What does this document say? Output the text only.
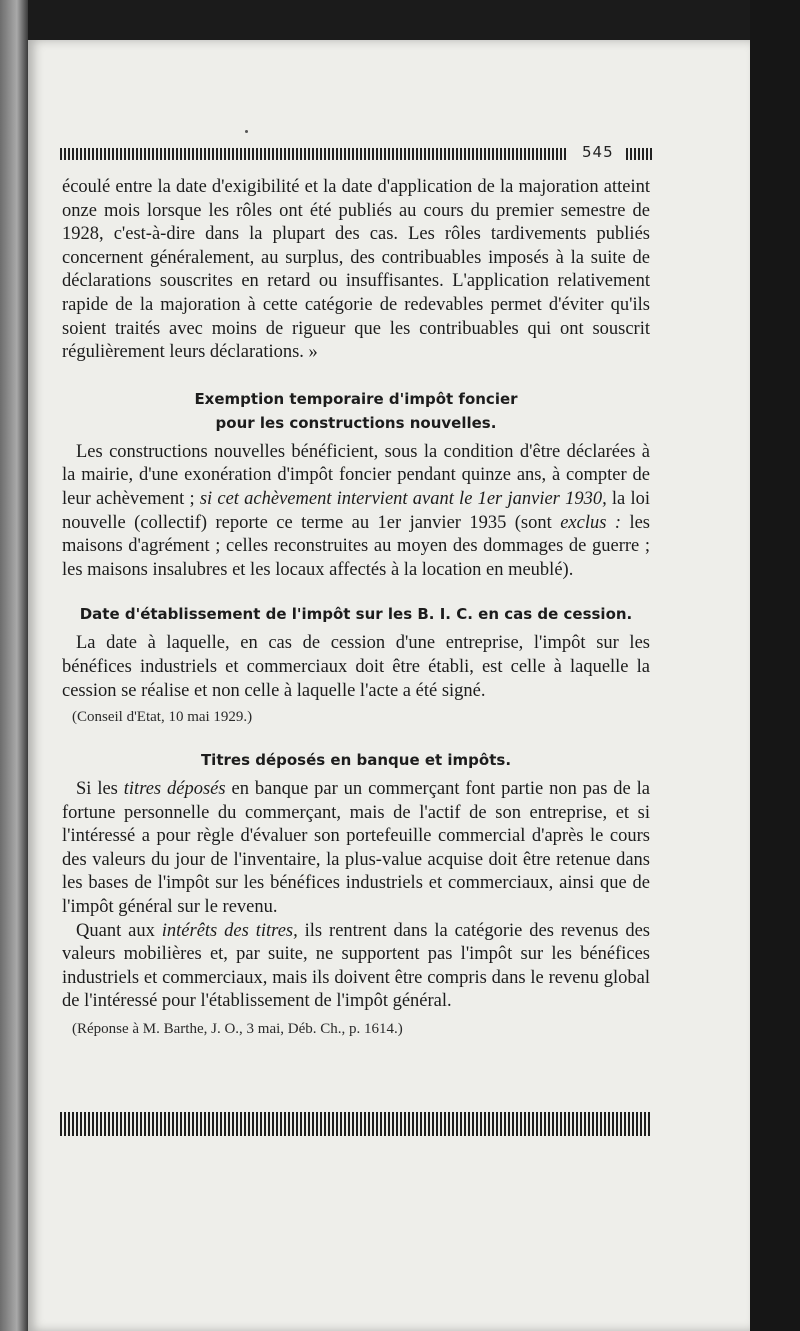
545

écoulé entre la date d'exigibilité et la date d'application de la majoration atteint onze mois lorsque les rôles ont été publiés au cours du premier semestre de 1928, c'est-à-dire dans la plupart des cas. Les rôles tardivements publiés concernent généralement, au surplus, des contribuables imposés à la suite de déclarations souscrites en retard ou insuffisantes. L'application relativement rapide de la majoration à cette catégorie de redevables permet d'éviter qu'ils soient traités avec moins de rigueur que les contribuables qui ont souscrit régulièrement leurs déclarations. »

Exemption temporaire d'impôt foncier
pour les constructions nouvelles.

Les constructions nouvelles bénéficient, sous la condition d'être déclarées à la mairie, d'une exonération d'impôt foncier pendant quinze ans, à compter de leur achèvement ; si cet achèvement intervient avant le 1er janvier 1930, la loi nouvelle (collectif) reporte ce terme au 1er janvier 1935 (sont exclus : les maisons d'agrément ; celles reconstruites au moyen des dommages de guerre ; les maisons insalubres et les locaux affectés à la location en meublé).

Date d'établissement de l'impôt sur les B. I. C. en cas de cession.

La date à laquelle, en cas de cession d'une entreprise, l'impôt sur les bénéfices industriels et commerciaux doit être établi, est celle à laquelle la cession se réalise et non celle à laquelle l'acte a été signé.

(Conseil d'Etat, 10 mai 1929.)

Titres déposés en banque et impôts.

Si les titres déposés en banque par un commerçant font partie non pas de la fortune personnelle du commerçant, mais de l'actif de son entreprise, et si l'intéressé a pour règle d'évaluer son portefeuille commercial d'après le cours des valeurs du jour de l'inventaire, la plus-value acquise doit être retenue dans les bases de l'impôt sur les bénéfices industriels et commerciaux, ainsi que de l'impôt général sur le revenu.

Quant aux intérêts des titres, ils rentrent dans la catégorie des revenus des valeurs mobilières et, par suite, ne supportent pas l'impôt sur les bénéfices industriels et commerciaux, mais ils doivent être compris dans le revenu global de l'intéressé pour l'établissement de l'impôt général.

(Réponse à M. Barthe, J. O., 3 mai, Déb. Ch., p. 1614.)
